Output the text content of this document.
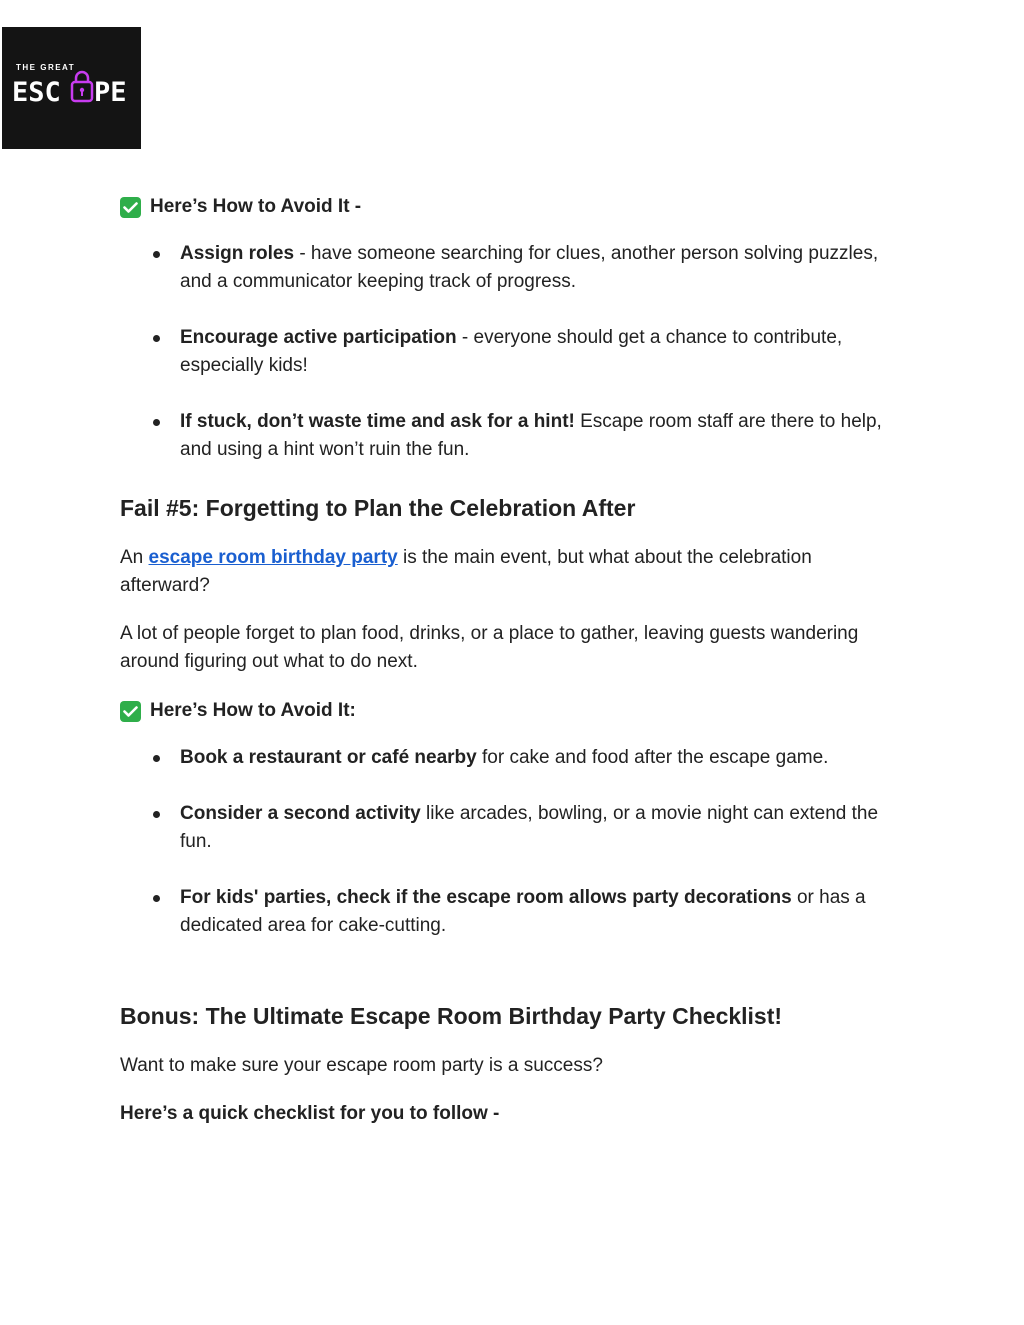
THE GREAT
ESC PE

Here’s How to Avoid It -

Assign roles - have someone searching for clues, another person solving puzzles, and a communicator keeping track of progress.
Encourage active participation - everyone should get a chance to contribute, especially kids!
If stuck, don’t waste time and ask for a hint! Escape room staff are there to help, and using a hint won’t ruin the fun.

Fail #5: Forgetting to Plan the Celebration After

An escape room birthday party is the main event, but what about the celebration afterward?

A lot of people forget to plan food, drinks, or a place to gather, leaving guests wandering around figuring out what to do next.

Here’s How to Avoid It:

Book a restaurant or café nearby for cake and food after the escape game.
Consider a second activity like arcades, bowling, or a movie night can extend the fun.
For kids' parties, check if the escape room allows party decorations or has a dedicated area for cake-cutting.

Bonus: The Ultimate Escape Room Birthday Party Checklist!

Want to make sure your escape room party is a success?

Here’s a quick checklist for you to follow -
